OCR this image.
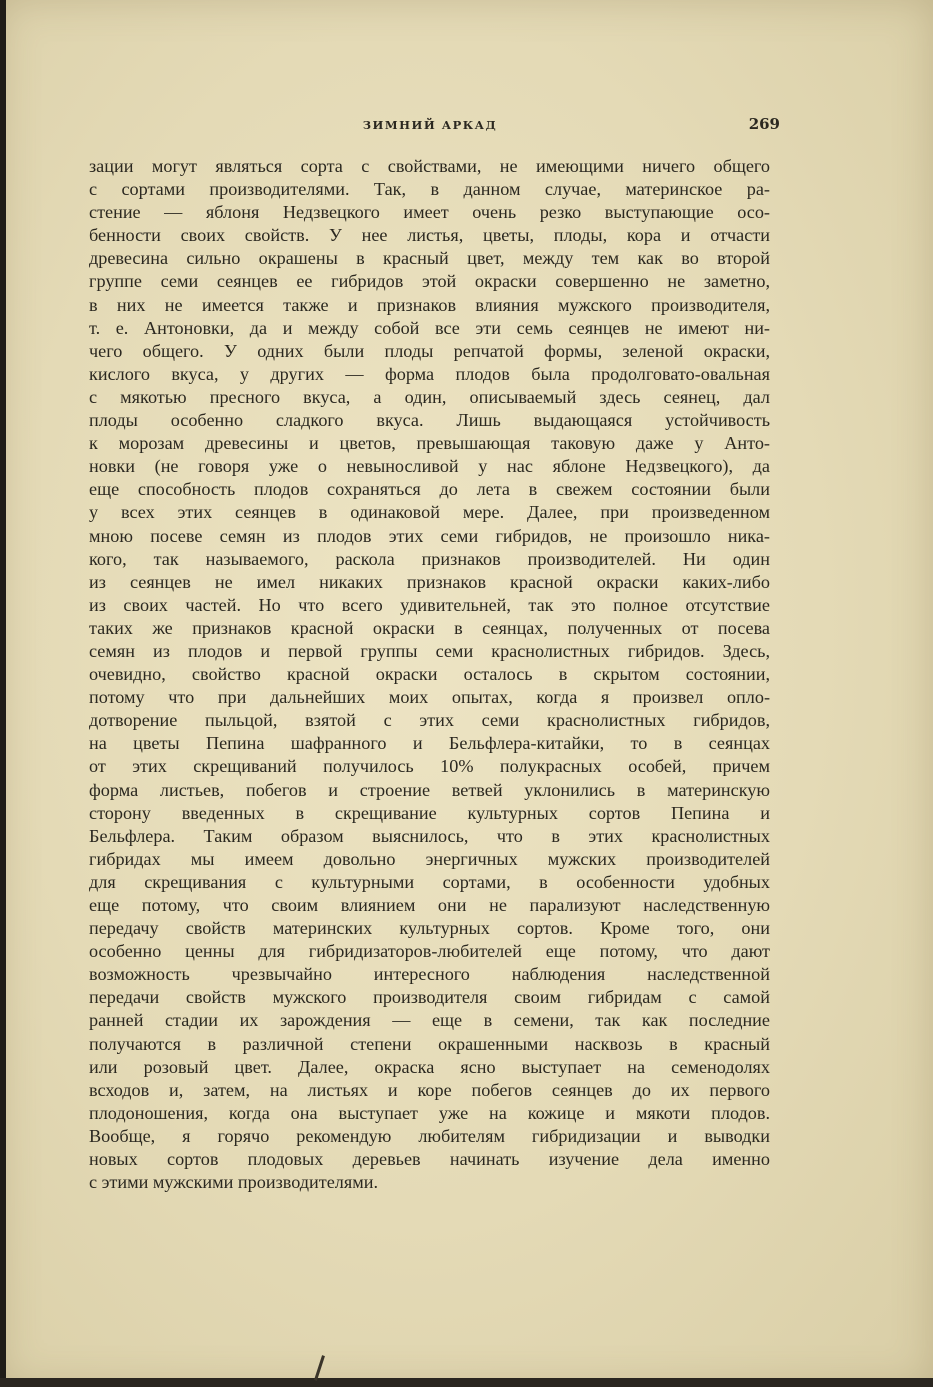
ЗИМНИЙ АРКАД	269
зации могут являться сорта с свойствами, не имеющими ничего общего
с сортами производителями. Так, в данном случае, материнское ра-
стение — яблоня Недзвецкого имеет очень резко выступающие осо-
бенности своих свойств. У нее листья, цветы, плоды, кора и отчасти
древесина сильно окрашены в красный цвет, между тем как во второй
группе семи сеянцев ее гибридов этой окраски совершенно не заметно,
в них не имеется также и признаков влияния мужского производителя,
т. е. Антоновки, да и между собой все эти семь сеянцев не имеют ни-
чего общего. У одних были плоды репчатой формы, зеленой окраски,
кислого вкуса, у других — форма плодов была продолговато-овальная
с мякотью пресного вкуса, а один, описываемый здесь сеянец, дал
плоды особенно сладкого вкуса. Лишь выдающаяся устойчивость
к морозам древесины и цветов, превышающая таковую даже у Анто-
новки (не говоря уже о невыносливой у нас яблоне Недзвецкого), да
еще способность плодов сохраняться до лета в свежем состоянии были
у всех этих сеянцев в одинаковой мере. Далее, при произведенном
мною посеве семян из плодов этих семи гибридов, не произошло ника-
кого, так называемого, раскола признаков производителей. Ни один
из сеянцев не имел никаких признаков красной окраски каких-либо
из своих частей. Но что всего удивительней, так это полное отсутствие
таких же признаков красной окраски в сеянцах, полученных от посева
семян из плодов и первой группы семи краснолистных гибридов. Здесь,
очевидно, свойство красной окраски осталось в скрытом состоянии,
потому что при дальнейших моих опытах, когда я произвел опло-
дотворение пыльцой, взятой с этих семи краснолистных гибридов,
на цветы Пепина шафранного и Бельфлера-китайки, то в сеянцах
от этих скрещиваний получилось 10% полукрасных особей, причем
форма листьев, побегов и строение ветвей уклонились в материнскую
сторону введенных в скрещивание культурных сортов Пепина и
Бельфлера. Таким образом выяснилось, что в этих краснолистных
гибридах мы имеем довольно энергичных мужских производителей
для скрещивания с культурными сортами, в особенности удобных
еще потому, что своим влиянием они не парализуют наследственную
передачу свойств материнских культурных сортов. Кроме того, они
особенно ценны для гибридизаторов-любителей еще потому, что дают
возможность чрезвычайно интересного наблюдения наследственной
передачи свойств мужского производителя своим гибридам с самой
ранней стадии их зарождения — еще в семени, так как последние
получаются в различной степени окрашенными насквозь в красный
или розовый цвет. Далее, окраска ясно выступает на семенодолях
всходов и, затем, на листьях и коре побегов сеянцев до их первого
плодоношения, когда она выступает уже на кожице и мякоти плодов.
Вообще, я горячо рекомендую любителям гибридизации и выводки
новых сортов плодовых деревьев начинать изучение дела именно
с этими мужскими производителями.
